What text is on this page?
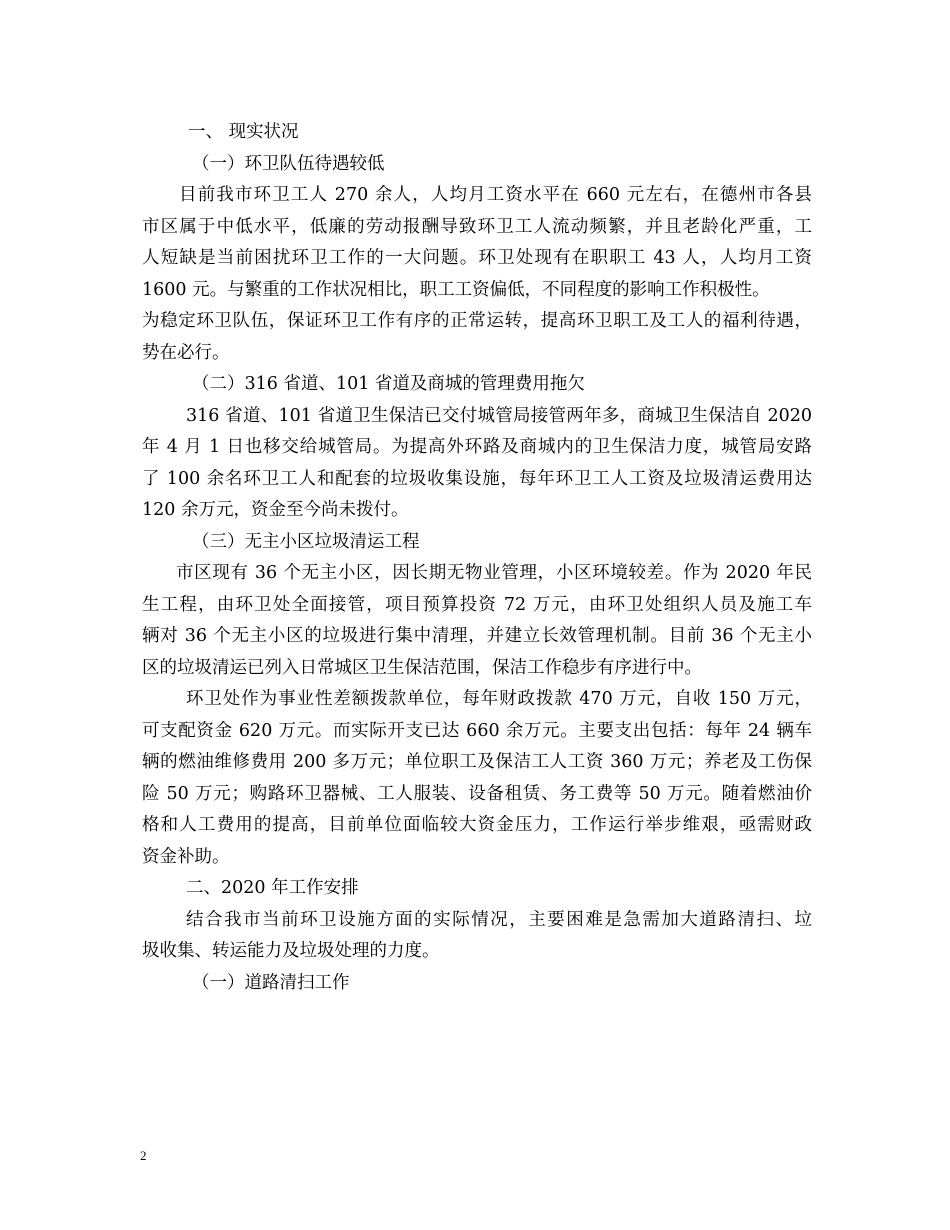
一、 现实状况
（一）环卫队伍待遇较低
目前我市环卫工人 270 余人，人均月工资水平在 660 元左右，在德州市各县
市区属于中低水平，低廉的劳动报酬导致环卫工人流动频繁，并且老龄化严重，工
人短缺是当前困扰环卫工作的一大问题。环卫处现有在职职工 43 人，人均月工资
1600 元。与繁重的工作状况相比，职工工资偏低，不同程度的影响工作积极性。
为稳定环卫队伍，保证环卫工作有序的正常运转，提高环卫职工及工人的福利待遇，
势在必行。
（二）316 省道、101 省道及商城的管理费用拖欠
316 省道、101 省道卫生保洁已交付城管局接管两年多，商城卫生保洁自 2020
年 4 月 1 日也移交给城管局。为提高外环路及商城内的卫生保洁力度，城管局安路
了 100 余名环卫工人和配套的垃圾收集设施，每年环卫工人工资及垃圾清运费用达
120 余万元，资金至今尚未拨付。
（三）无主小区垃圾清运工程
市区现有 36 个无主小区，因长期无物业管理，小区环境较差。作为 2020 年民
生工程，由环卫处全面接管，项目预算投资 72 万元，由环卫处组织人员及施工车
辆对 36 个无主小区的垃圾进行集中清理，并建立长效管理机制。目前 36 个无主小
区的垃圾清运已列入日常城区卫生保洁范围，保洁工作稳步有序进行中。
环卫处作为事业性差额拨款单位，每年财政拨款 470 万元，自收 150 万元，
可支配资金 620 万元。而实际开支已达 660 余万元。主要支出包括：每年 24 辆车
辆的燃油维修费用 200 多万元；单位职工及保洁工人工资 360 万元；养老及工伤保
险 50 万元；购路环卫器械、工人服装、设备租赁、务工费等 50 万元。随着燃油价
格和人工费用的提高，目前单位面临较大资金压力，工作运行举步维艰，亟需财政
资金补助。
二、2020 年工作安排
结合我市当前环卫设施方面的实际情况，主要困难是急需加大道路清扫、垃
圾收集、转运能力及垃圾处理的力度。
（一）道路清扫工作
2
